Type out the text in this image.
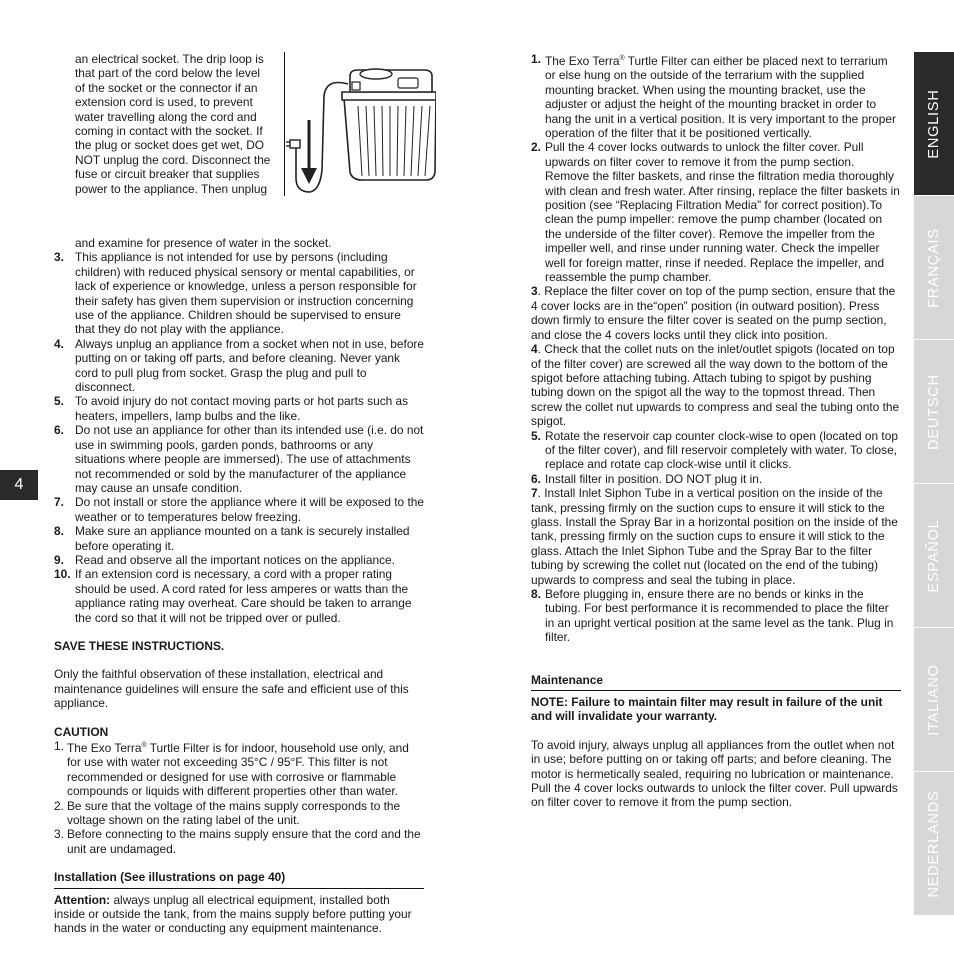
4
an electrical socket. The drip loop is
that part of the cord below the level
of the socket or the connector if an
extension cord is used, to prevent
water travelling along the cord and
coming in contact with the socket. If
the plug or socket does get wet, DO
NOT unplug the cord. Disconnect the
fuse or circuit breaker that supplies
power to the appliance. Then unplug

and examine for presence of water in the socket.

3. This appliance is not intended for use by persons (including children) with reduced physical sensory or mental capabilities, or lack of experience or knowledge, unless a person responsible for their safety has given them supervision or instruction concerning use of the appliance. Children should be supervised to ensure that they do not play with the appliance.
4. Always unplug an appliance from a socket when not in use, before putting on or taking off parts, and before cleaning. Never yank cord to pull plug from socket. Grasp the plug and pull to disconnect.
5. To avoid injury do not contact moving parts or hot parts such as heaters, impellers, lamp bulbs and the like.
6. Do not use an appliance for other than its intended use (i.e. do not use in swimming pools, garden ponds, bathrooms or any situations where people are immersed). The use of attachments not recommended or sold by the manufacturer of the appliance may cause an unsafe condition.
7. Do not install or store the appliance where it will be exposed to the weather or to temperatures below freezing.
8. Make sure an appliance mounted on a tank is securely installed before operating it.
9. Read and observe all the important notices on the appliance.
10. If an extension cord is necessary, a cord with a proper rating should be used. A cord rated for less amperes or watts than the appliance rating may overheat. Care should be taken to arrange the cord so that it will not be tripped over or pulled.

SAVE THESE INSTRUCTIONS.

Only the faithful observation of these installation, electrical and maintenance guidelines will ensure the safe and efficient use of this appliance.

CAUTION

1. The Exo Terra® Turtle Filter is for indoor, household use only, and for use with water not exceeding 35°C / 95°F. This filter is not recommended or designed for use with corrosive or flammable compounds or liquids with different properties other than water.
2. Be sure that the voltage of the mains supply corresponds to the voltage shown on the rating label of the unit.
3. Before connecting to the mains supply ensure that the cord and the unit are undamaged.

Installation (See illustrations on page 40)

Attention: always unplug all electrical equipment, installed both inside or outside the tank, from the mains supply before putting your hands in the water or conducting any equipment maintenance.

1. The Exo Terra® Turtle Filter can either be placed next to terrarium or else hung on the outside of the terrarium with the supplied mounting bracket. When using the mounting bracket, use the adjuster or adjust the height of the mounting bracket in order to hang the unit in a vertical position. It is very important to the proper operation of the filter that it be positioned vertically.
2. Pull the 4 cover locks outwards to unlock the filter cover. Pull upwards on filter cover to remove it from the pump section. Remove the filter baskets, and rinse the filtration media thoroughly with clean and fresh water. After rinsing, replace the filter baskets in position (see “Replacing Filtration Media” for correct position).To clean the pump impeller: remove the pump chamber (located on the underside of the filter cover). Remove the impeller from the impeller well, and rinse under running water. Check the impeller well for foreign matter, rinse if needed. Replace the impeller, and reassemble the pump chamber.
3. Replace the filter cover on top of the pump section, ensure that the 4 cover locks are in the“open” position (in outward position). Press down firmly to ensure the filter cover is seated on the pump section, and close the 4 covers locks until they click into position.
4. Check that the collet nuts on the inlet/outlet spigots (located on top of the filter cover) are screwed all the way down to the bottom of the spigot before attaching tubing. Attach tubing to spigot by pushing tubing down on the spigot all the way to the topmost thread. Then screw the collet nut upwards to compress and seal the tubing onto the spigot.
5. Rotate the reservoir cap counter clock-wise to open (located on top of the filter cover), and fill reservoir completely with water. To close, replace and rotate cap clock-wise until it clicks.
6. Install filter in position. DO NOT plug it in.
7. Install Inlet Siphon Tube in a vertical position on the inside of the tank, pressing firmly on the suction cups to ensure it will stick to the glass. Install the Spray Bar in a horizontal position on the inside of the tank, pressing firmly on the suction cups to ensure it will stick to the glass. Attach the Inlet Siphon Tube and the Spray Bar to the filter tubing by screwing the collet nut (located on the end of the tubing) upwards to compress and seal the tubing in place.
8. Before plugging in, ensure there are no bends or kinks in the tubing. For best performance it is recommended to place the filter in an upright vertical position at the same level as the tank. Plug in filter.

Maintenance

NOTE: Failure to maintain filter may result in failure of the unit and will invalidate your warranty.

To avoid injury, always unplug all appliances from the outlet when not in use; before putting on or taking off parts; and before cleaning. The motor is hermetically sealed, requiring no lubrication or maintenance. Pull the 4 cover locks outwards to unlock the filter cover. Pull upwards on filter cover to remove it from the pump section.

ENGLISH
FRANÇAIS
DEUTSCH
ESPAÑOL
ITALIANO
NEDERLANDS
